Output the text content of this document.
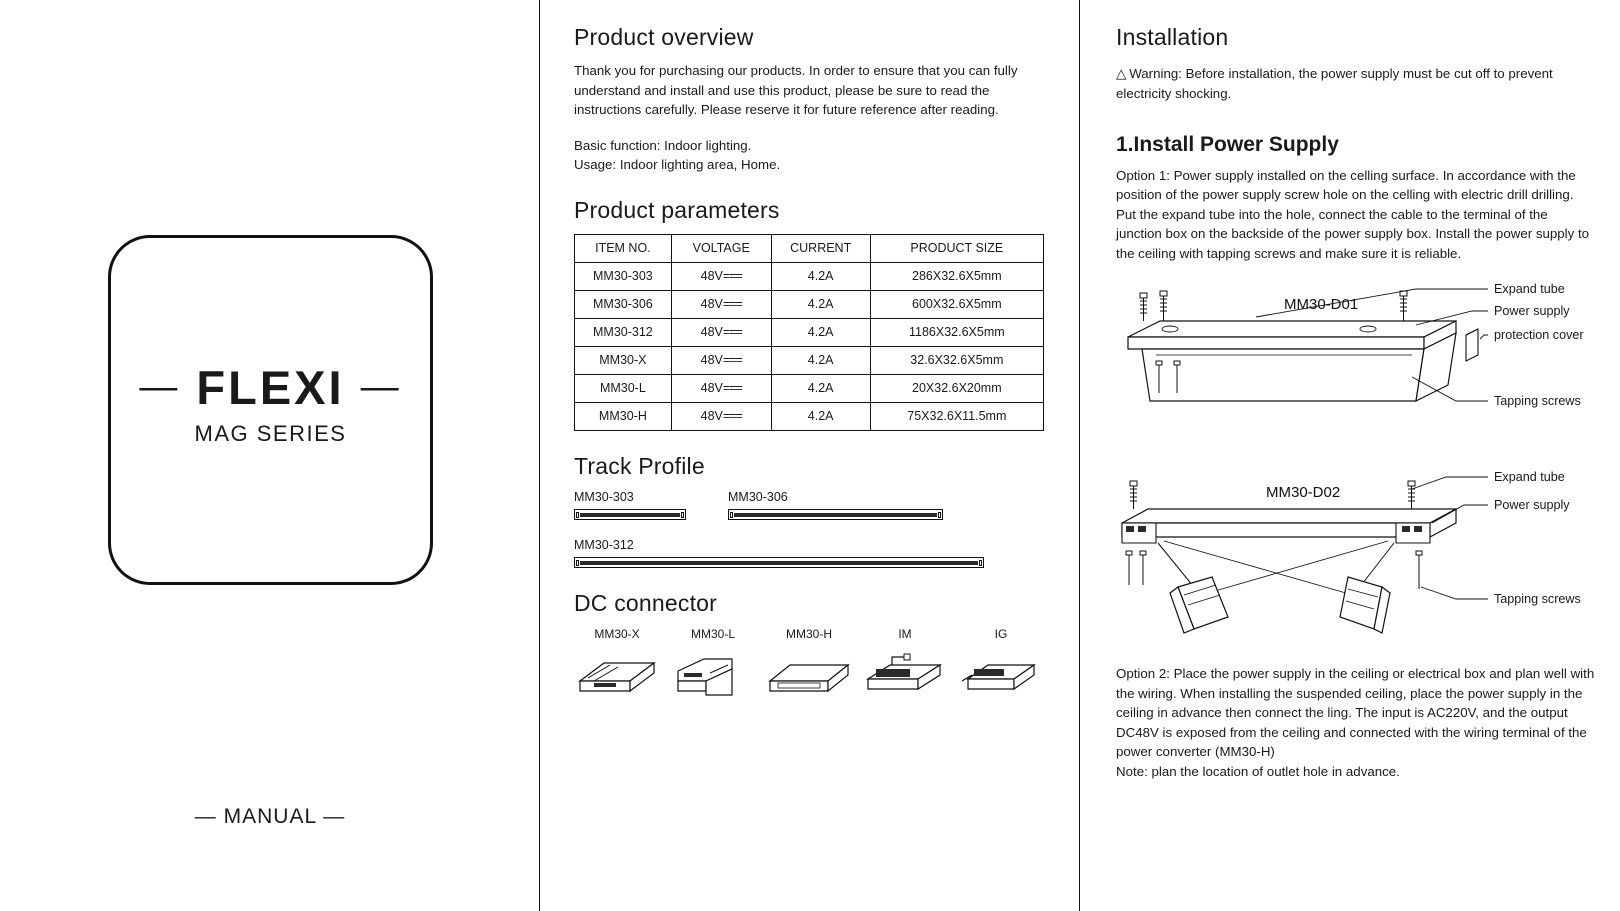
— FLEXI —
MAG SERIES
— MANUAL —
Product overview

Thank you for purchasing our products. In order to ensure that you can fully understand and install and use this product, please be sure to read the instructions carefully. Please reserve it for future reference after reading.

Basic function: Indoor lighting.

Usage: Indoor lighting area, Home.

Product parameters
ITEM NO.	VOLTAGE	CURRENT	PRODUCT SIZE
MM30-303	48V===	4.2A	286X32.6X5mm
MM30-306	48V===	4.2A	600X32.6X5mm
MM30-312	48V===	4.2A	1186X32.6X5mm
MM30-X	48V===	4.2A	32.6X32.6X5mm
MM30-L	48V===	4.2A	20X32.6X20mm
MM30-H	48V===	4.2A	75X32.6X11.5mm
Track Profile
MM30-303	MM30-306
MM30-312
DC connector
MM30-X	MM30-L	MM30-H	IM	IG
Installation

△ Warning: Before installation, the power supply must be cut off to prevent electricity shocking.

1.Install Power Supply

Option 1: Power supply installed on the celling surface. In accordance with the position of the power supply screw hole on the celling with electric drill drilling. Put the expand tube into the hole, connect the cable to the terminal of the junction box on the backside of the power supply box. Install the power supply to the ceiling with tapping screws and make sure it is reliable.

MM30-D01
Expand tube
Power supply
protection cover
Tapping screws
MM30-D02
Expand tube
Power supply
Tapping screws

Option 2: Place the power supply in the ceiling or electrical box and plan well with the wiring. When installing the suspended ceiling, place the power supply in the ceiling in advance then connect the ling. The input is AC220V, and the output DC48V is exposed from the ceiling and connected with the wiring terminal of the power converter (MM30-H)

Note: plan the location of outlet hole in advance.
